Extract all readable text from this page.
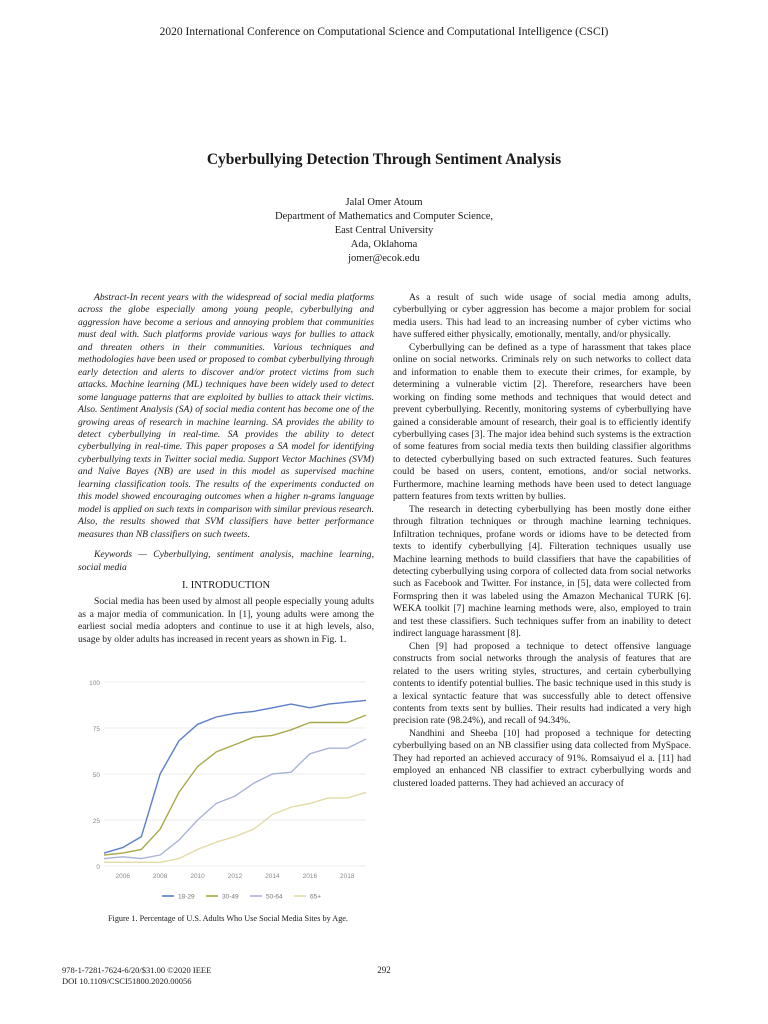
2020 International Conference on Computational Science and Computational Intelligence (CSCI)
Cyberbullying Detection Through Sentiment Analysis
Jalal Omer Atoum
Department of Mathematics and Computer Science,
East Central University
Ada, Oklahoma
jomer@ecok.edu

Abstract-In recent years with the widespread of social media platforms across the globe especially among young people, cyberbullying and aggression have become a serious and annoying problem that communities must deal with. Such platforms provide various ways for bullies to attack and threaten others in their communities. Various techniques and methodologies have been used or proposed to combat cyberbullying through early detection and alerts to discover and/or protect victims from such attacks. Machine learning (ML) techniques have been widely used to detect some language patterns that are exploited by bullies to attack their victims. Also. Sentiment Analysis (SA) of social media content has become one of the growing areas of research in machine learning. SA provides the ability to detect cyberbullying in real-time. SA provides the ability to detect cyberbullying in real-time. This paper proposes a SA model for identifying cyberbullying texts in Twitter social media. Support Vector Machines (SVM) and Naïve Bayes (NB) are used in this model as supervised machine learning classification tools. The results of the experiments conducted on this model showed encouraging outcomes when a higher n-grams language model is applied on such texts in comparison with similar previous research. Also, the results showed that SVM classifiers have better performance measures than NB classifiers on such tweets.

Keywords — Cyberbullying, sentiment analysis, machine learning, social media

I. INTRODUCTION

Social media has been used by almost all people especially young adults as a major media of communication. In [1], young adults were among the earliest social media adopters and continue to use it at high levels, also, usage by older adults has increased in recent years as shown in Fig. 1.

0
25
50
75
100
2006	2008	2010	2012	2014	2016	2018
18-29	30-49	50-64	65+
Figure 1. Percentage of U.S. Adults Who Use Social Media Sites by Age.

As a result of such wide usage of social media among adults, cyberbullying or cyber aggression has become a major problem for social media users. This had lead to an increasing number of cyber victims who have suffered either physically, emotionally, mentally, and/or physically.

Cyberbullying can be defined as a type of harassment that takes place online on social networks. Criminals rely on such networks to collect data and information to enable them to execute their crimes, for example, by determining a vulnerable victim [2]. Therefore, researchers have been working on finding some methods and techniques that would detect and prevent cyberbullying. Recently, monitoring systems of cyberbullying have gained a considerable amount of research, their goal is to efficiently identify cyberbullying cases [3]. The major idea behind such systems is the extraction of some features from social media texts then building classifier algorithms to detected cyberbullying based on such extracted features. Such features could be based on users, content, emotions, and/or social networks. Furthermore, machine learning methods have been used to detect language pattern features from texts written by bullies.

The research in detecting cyberbullying has been mostly done either through filtration techniques or through machine learning techniques. Infiltration techniques, profane words or idioms have to be detected from texts to identify cyberbullying [4]. Filteration techniques usually use Machine learning methods to build classifiers that have the capabilities of detecting cyberbullying using corpora of collected data from social networks such as Facebook and Twitter. For instance, in [5], data were collected from Formspring then it was labeled using the Amazon Mechanical TURK [6]. WEKA toolkit [7] machine learning methods were, also, employed to train and test these classifiers. Such techniques suffer from an inability to detect indirect language harassment [8].

Chen [9] had proposed a technique to detect offensive language constructs from social networks through the analysis of features that are related to the users writing styles, structures, and certain cyberbullying contents to identify potential bullies. The basic technique used in this study is a lexical syntactic feature that was successfully able to detect offensive contents from texts sent by bullies. Their results had indicated a very high precision rate (98.24%), and recall of 94.34%.

Nandhini and Sheeba [10] had proposed a technique for detecting cyberbullying based on an NB classifier using data collected from MySpace. They had reported an achieved accuracy of 91%. Romsaiyud el a. [11] had employed an enhanced NB classifier to extract cyberbullying words and clustered loaded patterns. They had achieved an accuracy of

978-1-7281-7624-6/20/$31.00 ©2020 IEEE
DOI 10.1109/CSCI51800.2020.00056
292
